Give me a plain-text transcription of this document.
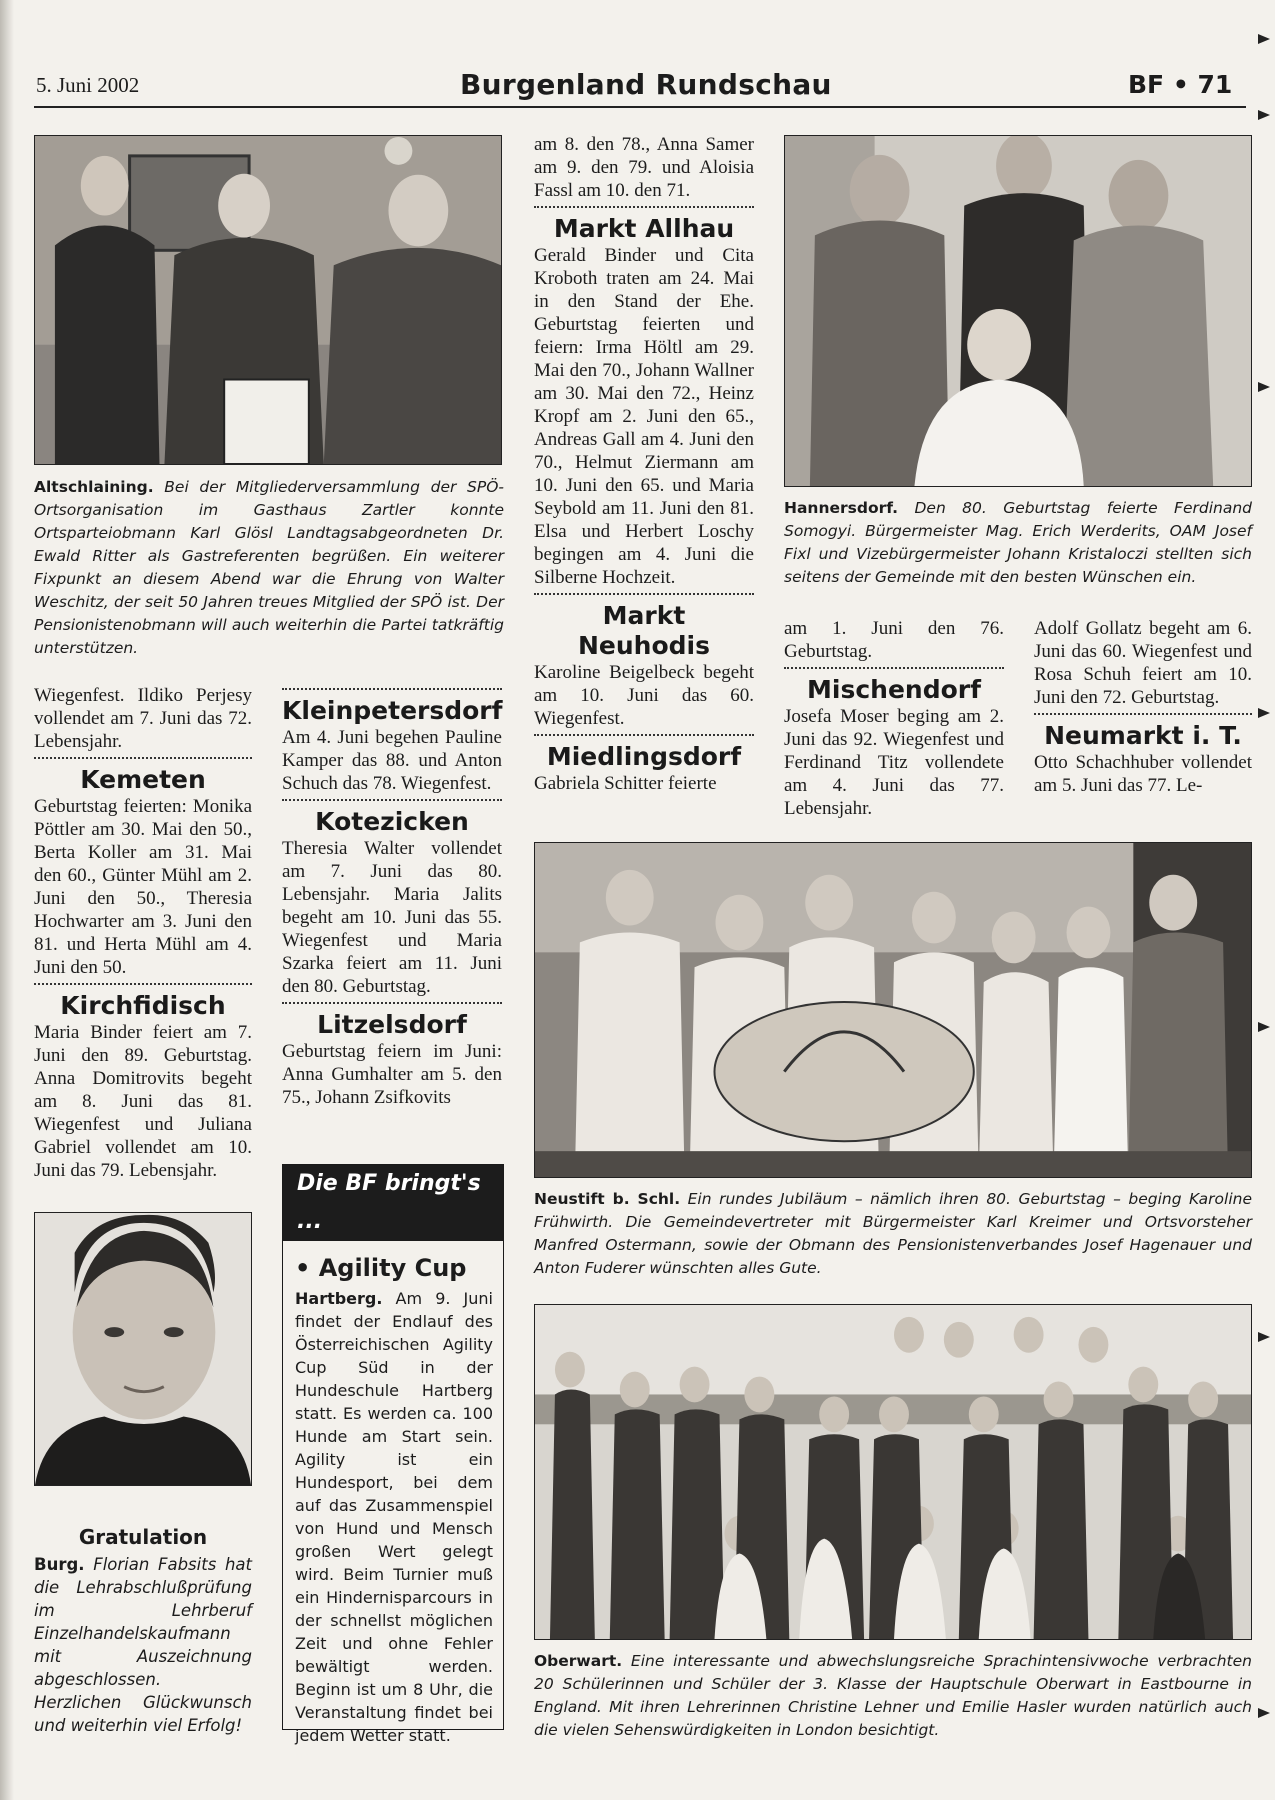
5. Juni 2002	Burgenland Rundschau	BF • 71
Altschlaining. Bei der Mitgliederversammlung der SPÖ-Ortsorganisation im Gasthaus Zartler konnte Ortsparteiobmann Karl Glösl Landtagsabgeordneten Dr. Ewald Ritter als Gastreferenten begrüßen. Ein weiterer Fixpunkt an diesem Abend war die Ehrung von Walter Weschitz, der seit 50 Jahren treues Mitglied der SPÖ ist. Der Pensionistenobmann will auch weiterhin die Partei tatkräftig unterstützen.
Wiegenfest. Ildiko Perjesy vollendet am 7. Juni das 72. Lebensjahr.
Kemeten
Geburtstag feierten: Monika Pöttler am 30. Mai den 50., Berta Koller am 31. Mai den 60., Günter Mühl am 2. Juni den 50., Theresia Hochwarter am 3. Juni den 81. und Herta Mühl am 4. Juni den 50.
Kirchfidisch
Maria Binder feiert am 7. Juni den 89. Geburtstag. Anna Domitrovits begeht am 8. Juni das 81. Wiegenfest und Juliana Gabriel vollendet am 10. Juni das 79. Lebensjahr.
Kleinpetersdorf
Am 4. Juni begehen Pauline Kamper das 88. und Anton Schuch das 78. Wiegenfest.
Kotezicken
Theresia Walter vollendet am 7. Juni das 80. Lebensjahr. Maria Jalits begeht am 10. Juni das 55. Wiegenfest und Maria Szarka feiert am 11. Juni den 80. Geburtstag.
Litzelsdorf
Geburtstag feiern im Juni: Anna Gumhalter am 5. den 75., Johann Zsifkovits
am 8. den 78., Anna Samer am 9. den 79. und Aloisia Fassl am 10. den 71.
Markt Allhau
Gerald Binder und Cita Kroboth traten am 24. Mai in den Stand der Ehe. Geburtstag feierten und feiern: Irma Höltl am 29. Mai den 70., Johann Wallner am 30. Mai den 72., Heinz Kropf am 2. Juni den 65., Andreas Gall am 4. Juni den 70., Helmut Ziermann am 10. Juni den 65. und Maria Seybold am 11. Juni den 81. Elsa und Herbert Loschy begingen am 4. Juni die Silberne Hochzeit.
Markt Neuhodis
Karoline Beigelbeck begeht am 10. Juni das 60. Wiegenfest.
Miedlingsdorf
Gabriela Schitter feierte
Hannersdorf. Den 80. Geburtstag feierte Ferdinand Somogyi. Bürgermeister Mag. Erich Werderits, OAM Josef Fixl und Vizebürgermeister Johann Kristaloczi stellten sich seitens der Gemeinde mit den besten Wünschen ein.
am 1. Juni den 76. Geburtstag.
Mischendorf
Josefa Moser beging am 2. Juni das 92. Wiegenfest und Ferdinand Titz vollendete am 4. Juni das 77. Lebensjahr.
Adolf Gollatz begeht am 6. Juni das 60. Wiegenfest und Rosa Schuh feiert am 10. Juni den 72. Geburtstag.
Neumarkt i. T.
Otto Schachhuber vollendet am 5. Juni das 77. Le-
Neustift b. Schl. Ein rundes Jubiläum – nämlich ihren 80. Geburtstag – beging Karoline Frühwirth. Die Gemeindevertreter mit Bürgermeister Karl Kreimer und Ortsvorsteher Manfred Ostermann, sowie der Obmann des Pensionistenverbandes Josef Hagenauer und Anton Fuderer wünschten alles Gute.
Oberwart. Eine interessante und abwechslungsreiche Sprachintensivwoche verbrachten 20 Schülerinnen und Schüler der 3. Klasse der Hauptschule Oberwart in Eastbourne in England. Mit ihren Lehrerinnen Christine Lehner und Emilie Hasler wurden natürlich auch die vielen Sehenswürdigkeiten in London besichtigt.
Gratulation
Burg. Florian Fabsits hat die Lehrabschlußprüfung im Lehrberuf Einzelhandelskaufmann mit Auszeichnung abgeschlossen. Herzlichen Glückwunsch und weiterhin viel Erfolg!
Die BF bringt's ...
• Agility Cup
Hartberg. Am 9. Juni findet der Endlauf des Österreichischen Agility Cup Süd in der Hundeschule Hartberg statt. Es werden ca. 100 Hunde am Start sein. Agility ist ein Hundesport, bei dem auf das Zusammenspiel von Hund und Mensch großen Wert gelegt wird. Beim Turnier muß ein Hindernisparcours in der schnellst möglichen Zeit und ohne Fehler bewältigt werden. Beginn ist um 8 Uhr, die Veranstaltung findet bei jedem Wetter statt.
